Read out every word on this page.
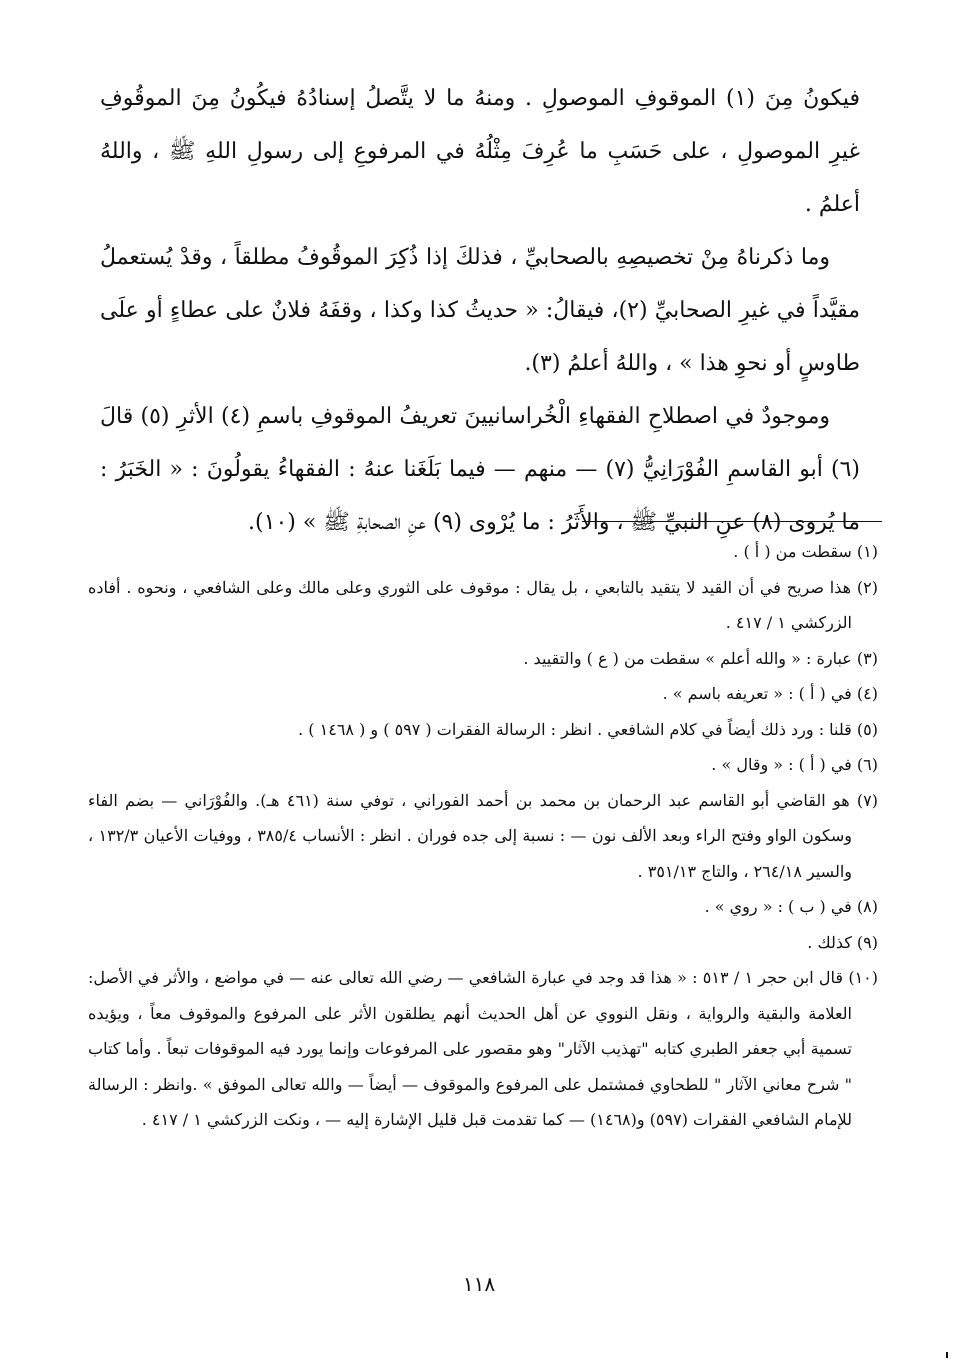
فيكونُ مِنَ (١) الموقوفِ الموصولِ . ومنهُ ما لا يتَّصلُ إسنادُهُ فيكُونُ مِنَ الموقُوفِ غيرِ الموصولِ ، على حَسَبِ ما عُرِفَ مِثْلُهُ في المرفوعِ إلى رسولِ اللهِ ﷺ ، واللهُ أعلمُ .

وما ذكرناهُ مِنْ تخصيصِهِ بالصحابيِّ ، فذلكَ إذا ذُكِرَ الموقُوفُ مطلقاً ، وقدْ يُستعملُ مقيَّداً في غيرِ الصحابيِّ (٢)، فيقالُ: « حديثُ كذا وكذا ، وقفَهُ فلانٌ على عطاءٍ أو علَى طاوسٍ أو نحوِ هذا » ، واللهُ أعلمُ (٣).

وموجودٌ في اصطلاحِ الفقهاءِ الْخُراسانيينَ تعريفُ الموقوفِ باسمِ (٤) الأثرِ (٥) قالَ (٦) أبو القاسمِ الفُوْرَانِيُّ (٧) — منهم — فيما بَلَغَنا عنهُ : الفقهاءُ يقولُونَ : « الخَبَرُ : ما يُروى (٨) عنِ النبيِّ ﷺ ، والأَثَرُ : ما يُرْوى (٩) عنِ الصحابةِ ﷺ » (١٠).

(١) سقطت من ( أ ) .

(٢) هذا صريح في أن القيد لا يتقيد بالتابعي ، بل يقال : موقوف على الثوري وعلى مالك وعلى الشافعي ، ونحوه . أفاده الزركشي ١ / ٤١٧ .

(٣) عبارة : « والله أعلم » سقطت من ( ع ) والتقييد .

(٤) في ( أ ) : « تعريفه باسم » .

(٥) قلنا : ورد ذلك أيضاً في كلام الشافعي . انظر : الرسالة الفقرات ( ٥٩٧ ) و ( ١٤٦٨ ) .

(٦) في ( أ ) : « وقال » .

(٧) هو القاضي أبو القاسم عبد الرحمان بن محمد بن أحمد الفوراني ، توفي سنة (٤٦١ هـ). والفُوْرَاني — بضم الفاء وسكون الواو وفتح الراء وبعد الألف نون — : نسبة إلى جده فوران . انظر : الأنساب ٣٨٥/٤ ، ووفيات الأعيان ١٣٢/٣ ، والسير ٢٦٤/١٨ ، والتاج ٣٥١/١٣ .

(٨) في ( ب ) : « روي » .

(٩) كذلك .

(١٠) قال ابن حجر ١ / ٥١٣ : « هذا قد وجد في عبارة الشافعي — رضي الله تعالى عنه — في مواضع ، والأثر في الأصل: العلامة والبقية والرواية ، ونقل النووي عن أهل الحديث أنهم يطلقون الأثر على المرفوع والموقوف معاً ، ويؤيده تسمية أبي جعفر الطبري كتابه "تهذيب الآثار" وهو مقصور على المرفوعات وإنما يورد فيه الموقوفات تبعاً . وأما كتاب " شرح معاني الآثار " للطحاوي فمشتمل على المرفوع والموقوف — أيضاً — والله تعالى الموفق » .وانظر : الرسالة للإمام الشافعي الفقرات (٥٩٧) و(١٤٦٨) — كما تقدمت قبل قليل الإشارة إليه — ، ونكت الزركشي ١ / ٤١٧ .

١١٨
